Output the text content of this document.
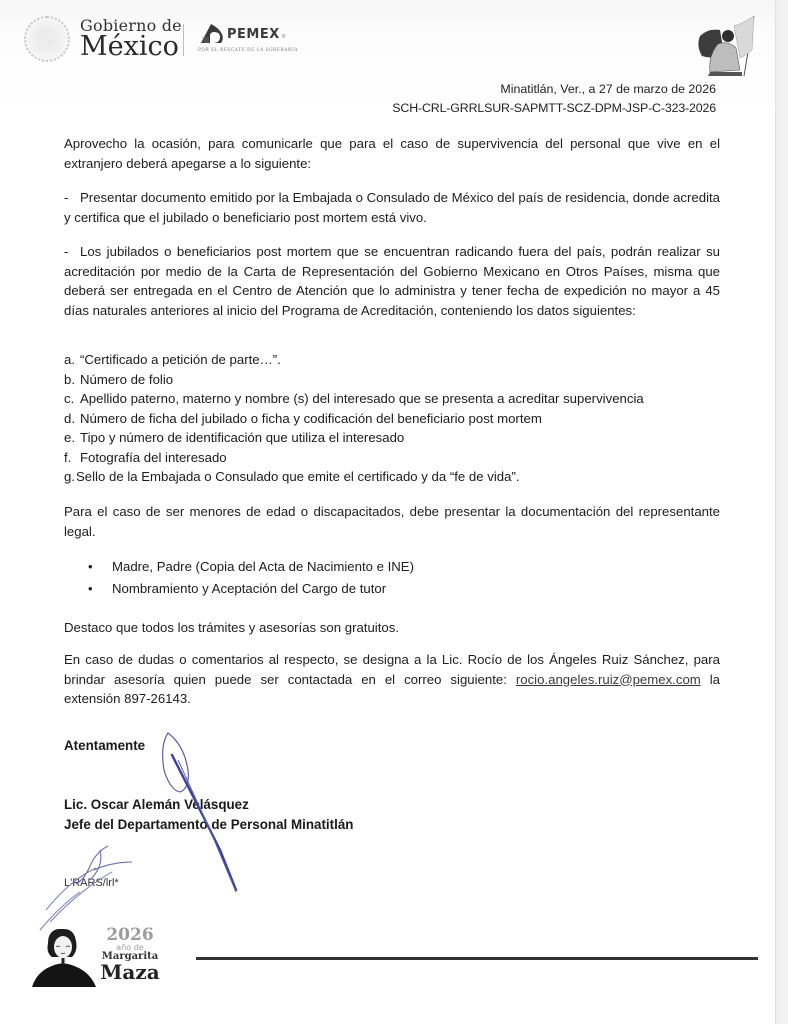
Gobierno de
México	PEMEX ®
POR EL RESCATE DE LA SOBERANÍA
Minatitlán, Ver., a 27 de marzo de 2026
SCH-CRL-GRRLSUR-SAPMTT-SCZ-DPM-JSP-C-323-2026
Aprovecho la ocasión, para comunicarle que para el caso de supervivencia del personal que vive en el extranjero deberá apegarse a lo siguiente:
- Presentar documento emitido por la Embajada o Consulado de México del país de residencia, donde acredita y certifica que el jubilado o beneficiario post mortem está vivo.
- Los jubilados o beneficiarios post mortem que se encuentran radicando fuera del país, podrán realizar su acreditación por medio de la Carta de Representación del Gobierno Mexicano en Otros Países, misma que deberá ser entregada en el Centro de Atención que lo administra y tener fecha de expedición no mayor a 45 días naturales anteriores al inicio del Programa de Acreditación, conteniendo los datos siguientes:
a. “Certificado a petición de parte…”.
b. Número de folio
c. Apellido paterno, materno y nombre (s) del interesado que se presenta a acreditar supervivencia
d. Número de ficha del jubilado o ficha y codificación del beneficiario post mortem
e. Tipo y número de identificación que utiliza el interesado
f. Fotografía del interesado
g. Sello de la Embajada o Consulado que emite el certificado y da “fe de vida”.
Para el caso de ser menores de edad o discapacitados, debe presentar la documentación del representante legal.
•	Madre, Padre (Copia del Acta de Nacimiento e INE)
•	Nombramiento y Aceptación del Cargo de tutor
Destaco que todos los trámites y asesorías son gratuitos.
En caso de dudas o comentarios al respecto, se designa a la Lic. Rocío de los Ángeles Ruiz Sánchez, para brindar asesoría quien puede ser contactada en el correo siguiente: rocio.angeles.ruiz@pemex.com la extensión 897-26143.
Atentamente
Lic. Oscar Alemán Velásquez
Jefe del Departamento de Personal Minatitlán
L'RARS/lrl*
2026
año de
Margarita
Maza
